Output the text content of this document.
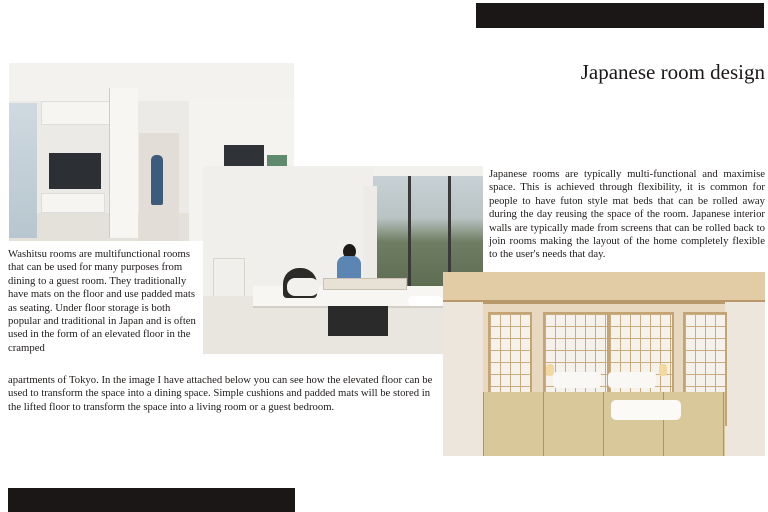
Japanese room design

Washitsu rooms are multifunctional rooms that can be used for many purposes from dining to a guest room. They traditionally have mats on the floor and use padded mats as seating. Under floor storage is both popular and traditional in Japan and is often used in the form of an elevated floor in the cramped

apartments of Tokyo. In the image I have attached below you can see how the elevated floor can be used to transform the space into a dining space. Simple cushions and padded mats will be stored in the lifted floor to transform the space into a living room or a guest bedroom.

Japanese rooms are typically multi-functional and maximise space. This is achieved through flexibility, it is common for people to have futon style mat beds that can be rolled away during the day reusing the space of the room. Japanese interior walls are typically made from screens that can be rolled back to join rooms making the layout of the home completely flexible to the user's needs that day.
